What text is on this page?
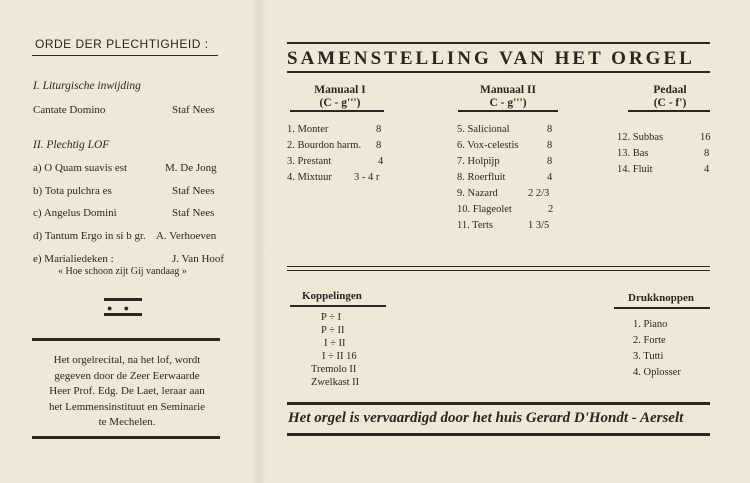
ORDE DER PLECHTIGHEID :
I. Liturgische inwijding
Cantate Domino	Staf Nees
II. Plechtig LOF
a) O Quam suavis est	M. De Jong
b) Tota pulchra es	Staf Nees
c) Angelus Domini	Staf Nees
d) Tantum Ergo in si b gr. A. Verhoeven
e) Marialiedeken :	J. Van Hoof
« Hoe schoon zijt Gij vandaag »
●     ●
Het orgelrecital, na het lof, wordt
gegeven door de Zeer Eerwaarde
Heer Prof. Edg. De Laet, leraar aan
het Lemmensinstituut en Seminarie
te Mechelen.
SAMENSTELLING VAN HET ORGEL
Manuaal I
(C - g''')
1. Monter	8
2. Bourdon harm. 8
3. Prestant	4
4. Mixtuur 3 - 4 r
Manuaal II
C - g''')
5. Salicional	8
6. Vox-celestis	8
7. Holpijp	8
8. Roerfluit	4
9. Nazard	2 2/3
10. Flageolet	2
11. Terts	1 3/5
Pedaal
(C - f')
12. Subbas	16
13. Bas	8
14. Fluit	4
Koppelingen
P ÷ I
P ÷ II
I ÷ II
I ÷ II 16
Tremolo II
Zwelkast II
Drukknoppen
1. Piano
2. Forte
3. Tutti
4. Oplosser
Het orgel is vervaardigd door het huis Gerard D'Hondt - Aerselt
